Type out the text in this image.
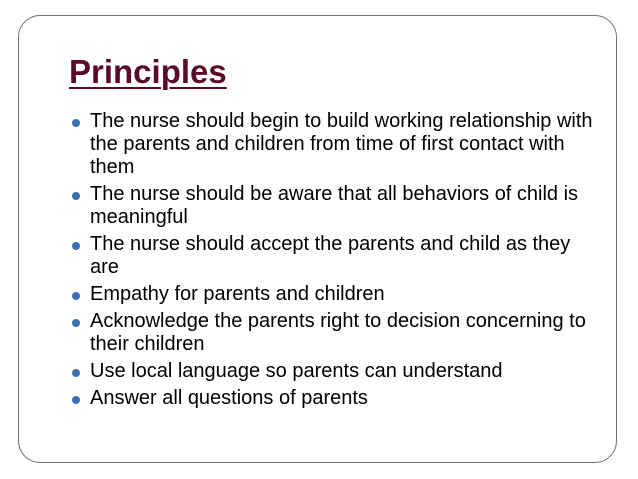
Principles
The nurse should begin to build working relationship with the parents and children from time of first contact with them
The nurse should be aware that all behaviors of child is meaningful
The nurse should accept the parents and child as they are
Empathy for parents and children
Acknowledge the parents right to decision concerning to their children
Use local language so parents can understand
Answer all questions of parents
